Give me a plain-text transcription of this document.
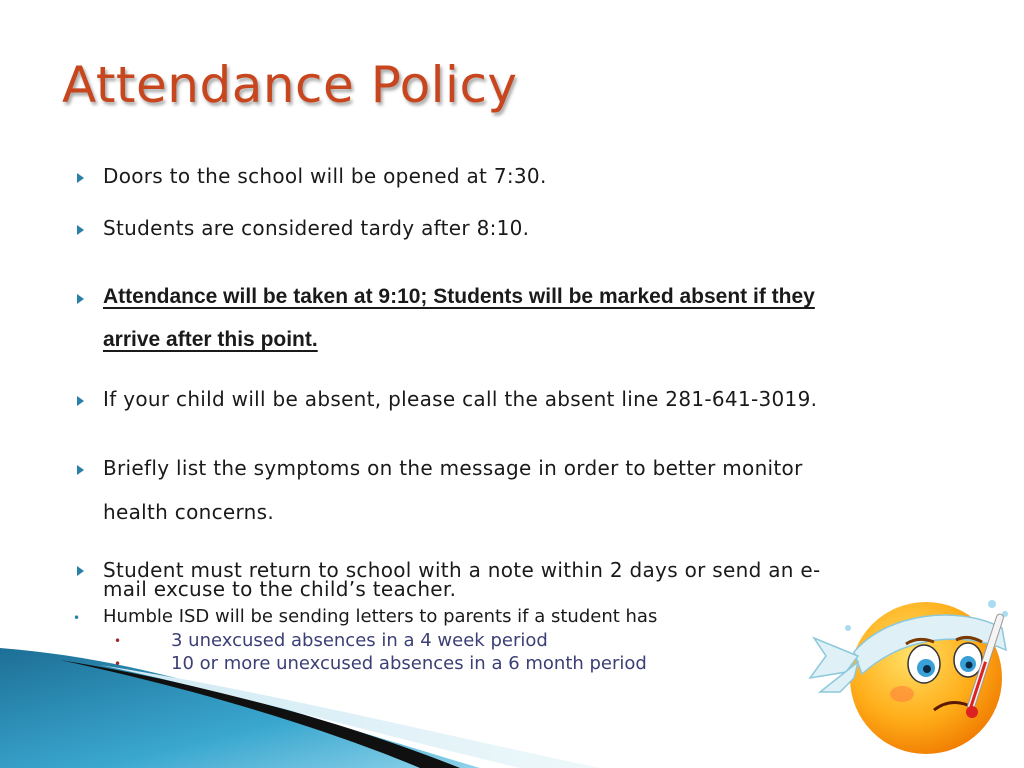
Attendance Policy
Doors to the school will be opened at 7:30.
Students are considered tardy after 8:10.
Attendance will be taken at 9:10; Students will be marked absent if they
arrive after this point.
If your child will be absent, please call the absent line 281-641-3019.
Briefly list the symptoms on the message in order to better monitor
health concerns.
Student must return to school with a note within 2 days or send an e-
mail excuse to the child’s teacher.
• Humble ISD will be sending letters to parents if a student has
•	3 unexcused absences in a 4 week period
•	10 or more unexcused absences in a 6 month period
